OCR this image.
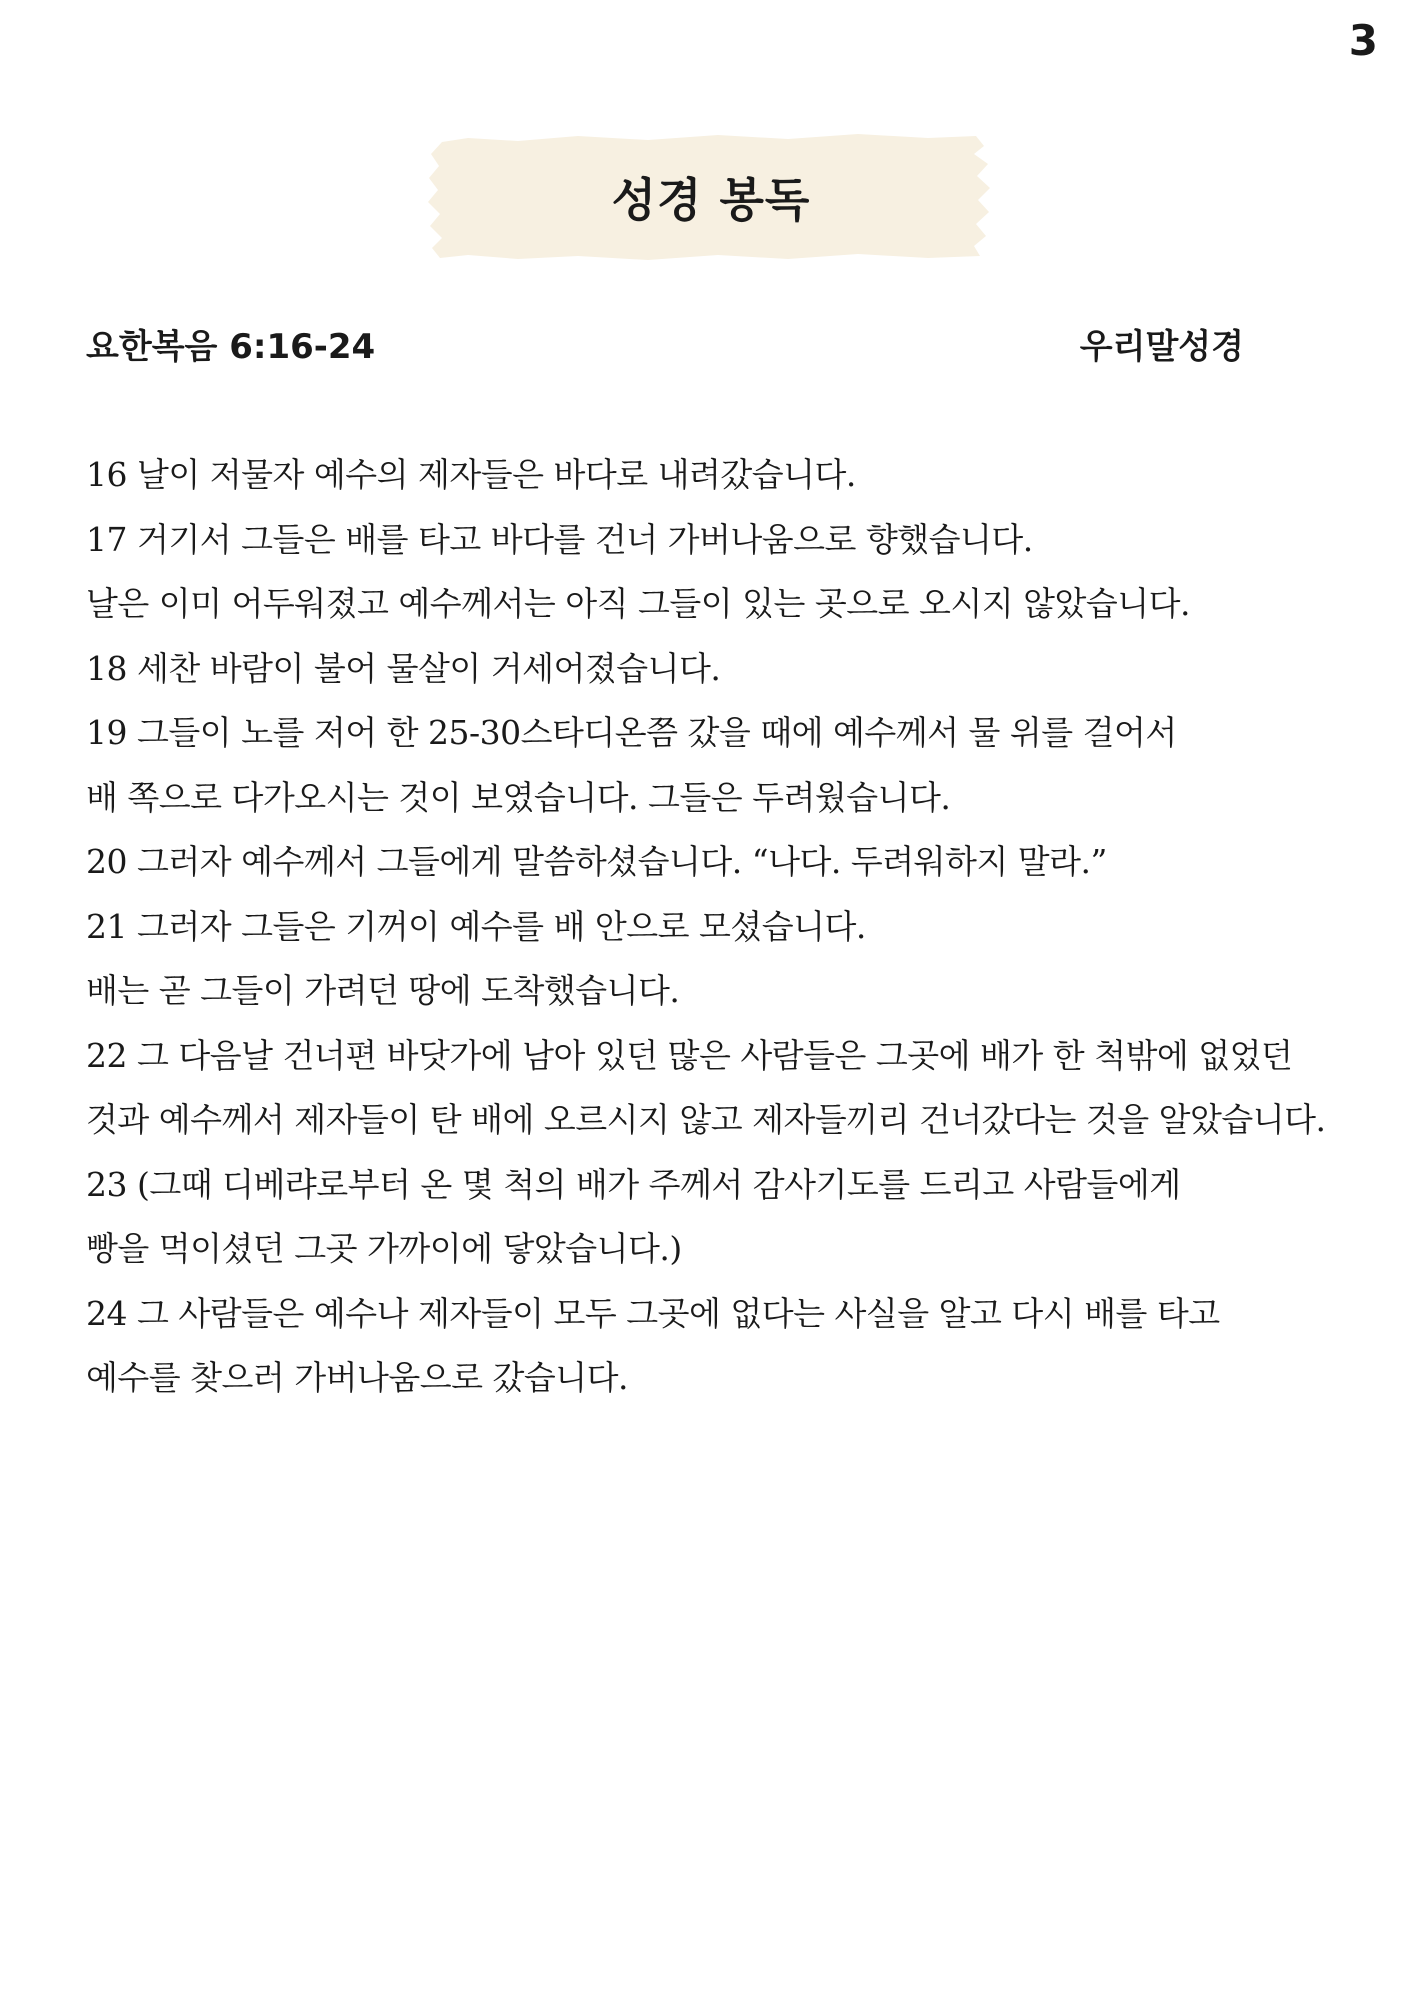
3
성경 봉독
요한복음 6:16-24	우리말성경
16 날이 저물자 예수의 제자들은 바다로 내려갔습니다.
17 거기서 그들은 배를 타고 바다를 건너 가버나움으로 향했습니다.
날은 이미 어두워졌고 예수께서는 아직 그들이 있는 곳으로 오시지 않았습니다.
18 세찬 바람이 불어 물살이 거세어졌습니다.
19 그들이 노를 저어 한 25-30스타디온쯤 갔을 때에 예수께서 물 위를 걸어서
배 쪽으로 다가오시는 것이 보였습니다. 그들은 두려웠습니다.
20 그러자 예수께서 그들에게 말씀하셨습니다. “나다. 두려워하지 말라.”
21 그러자 그들은 기꺼이 예수를 배 안으로 모셨습니다.
배는 곧 그들이 가려던 땅에 도착했습니다.
22 그 다음날 건너편 바닷가에 남아 있던 많은 사람들은 그곳에 배가 한 척밖에 없었던
것과 예수께서 제자들이 탄 배에 오르시지 않고 제자들끼리 건너갔다는 것을 알았습니다.
23 (그때 디베랴로부터 온 몇 척의 배가 주께서 감사기도를 드리고 사람들에게
빵을 먹이셨던 그곳 가까이에 닿았습니다.)
24 그 사람들은 예수나 제자들이 모두 그곳에 없다는 사실을 알고 다시 배를 타고
예수를 찾으러 가버나움으로 갔습니다.
